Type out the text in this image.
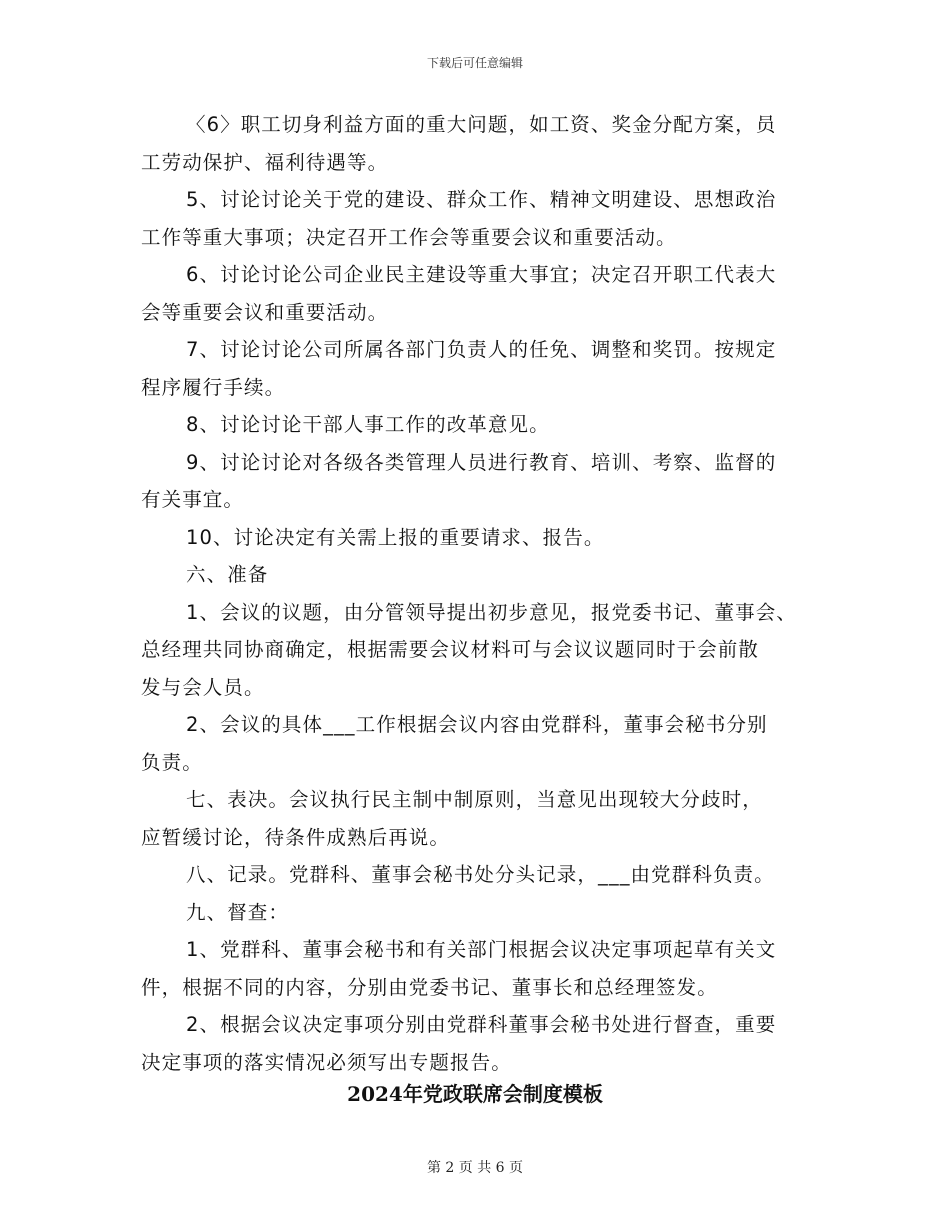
下载后可任意编辑
〈6〉职工切身利益方面的重大问题，如工资、奖金分配方案，员
工劳动保护、福利待遇等。
5、讨论讨论关于党的建设、群众工作、精神文明建设、思想政治
工作等重大事项；决定召开工作会等重要会议和重要活动。
6、讨论讨论公司企业民主建设等重大事宜；决定召开职工代表大
会等重要会议和重要活动。
7、讨论讨论公司所属各部门负责人的任免、调整和奖罚。按规定
程序履行手续。
8、讨论讨论干部人事工作的改革意见。
9、讨论讨论对各级各类管理人员进行教育、培训、考察、监督的
有关事宜。
10、讨论决定有关需上报的重要请求、报告。
六、准备
1、会议的议题，由分管领导提出初步意见，报党委书记、董事会、
总经理共同协商确定，根据需要会议材料可与会议议题同时于会前散
发与会人员。
2、会议的具体___工作根据会议内容由党群科，董事会秘书分别
负责。
七、表决。会议执行民主制中制原则，当意见出现较大分歧时，
应暂缓讨论，待条件成熟后再说。
八、记录。党群科、董事会秘书处分头记录，___由党群科负责。
九、督查：
1、党群科、董事会秘书和有关部门根据会议决定事项起草有关文
件，根据不同的内容，分别由党委书记、董事长和总经理签发。
2、根据会议决定事项分别由党群科董事会秘书处进行督查，重要
决定事项的落实情况必须写出专题报告。
2024年党政联席会制度模板
第 2 页 共 6 页
